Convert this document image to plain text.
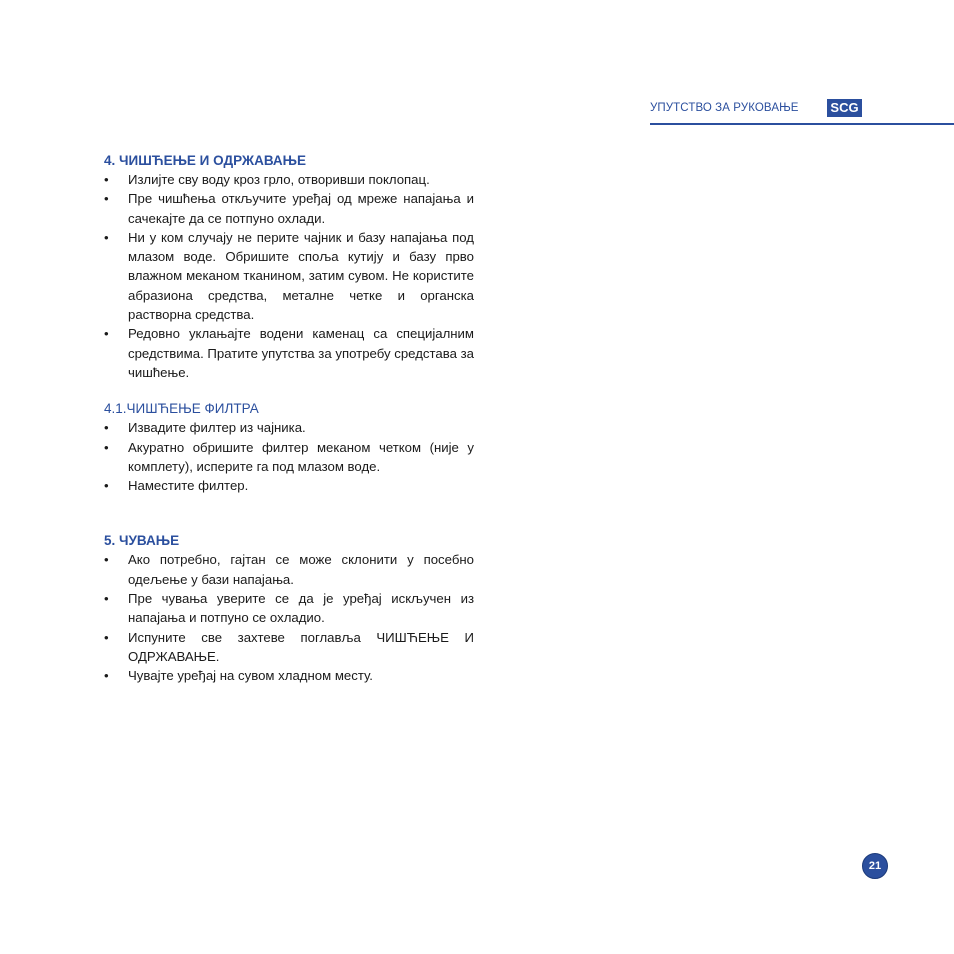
УПУТСТВО ЗА РУКОВАЊЕ SCG
4. ЧИШЋЕЊЕ И ОДРЖАВАЊЕ
• Излијте сву воду кроз грло, отворивши поклопац.
• Пре чишћења откључите уређај од мреже напајања и сачекајте да се потпуно охлади.
• Ни у ком случају не перите чајник и базу напајања под млазом воде. Обришите споља кутију и базу прво влажном меканом тканином, затим сувом. Не користите абразиона средства, металне четке и органска растворна средства.
• Редовно уклањајте водени каменац са специјалним средствима. Пратите упутства за употребу средстава за чишћење.
4.1.ЧИШЋЕЊЕ ФИЛТРА
• Извадите филтер из чајника.
• Акуратно обришите филтер меканом четком (није у комплету), исперите га под млазом воде.
• Наместите филтер.
5. ЧУВАЊЕ
• Ако потребно, гајтан се може склонити у посебно одељење у бази напајања.
• Пре чувања уверите се да је уређај искључен из напајања и потпуно се охладио.
• Испуните све захтеве поглавља ЧИШЋЕЊЕ И ОДРЖАВАЊЕ.
• Чувајте уређај на сувом хладном месту.
21
